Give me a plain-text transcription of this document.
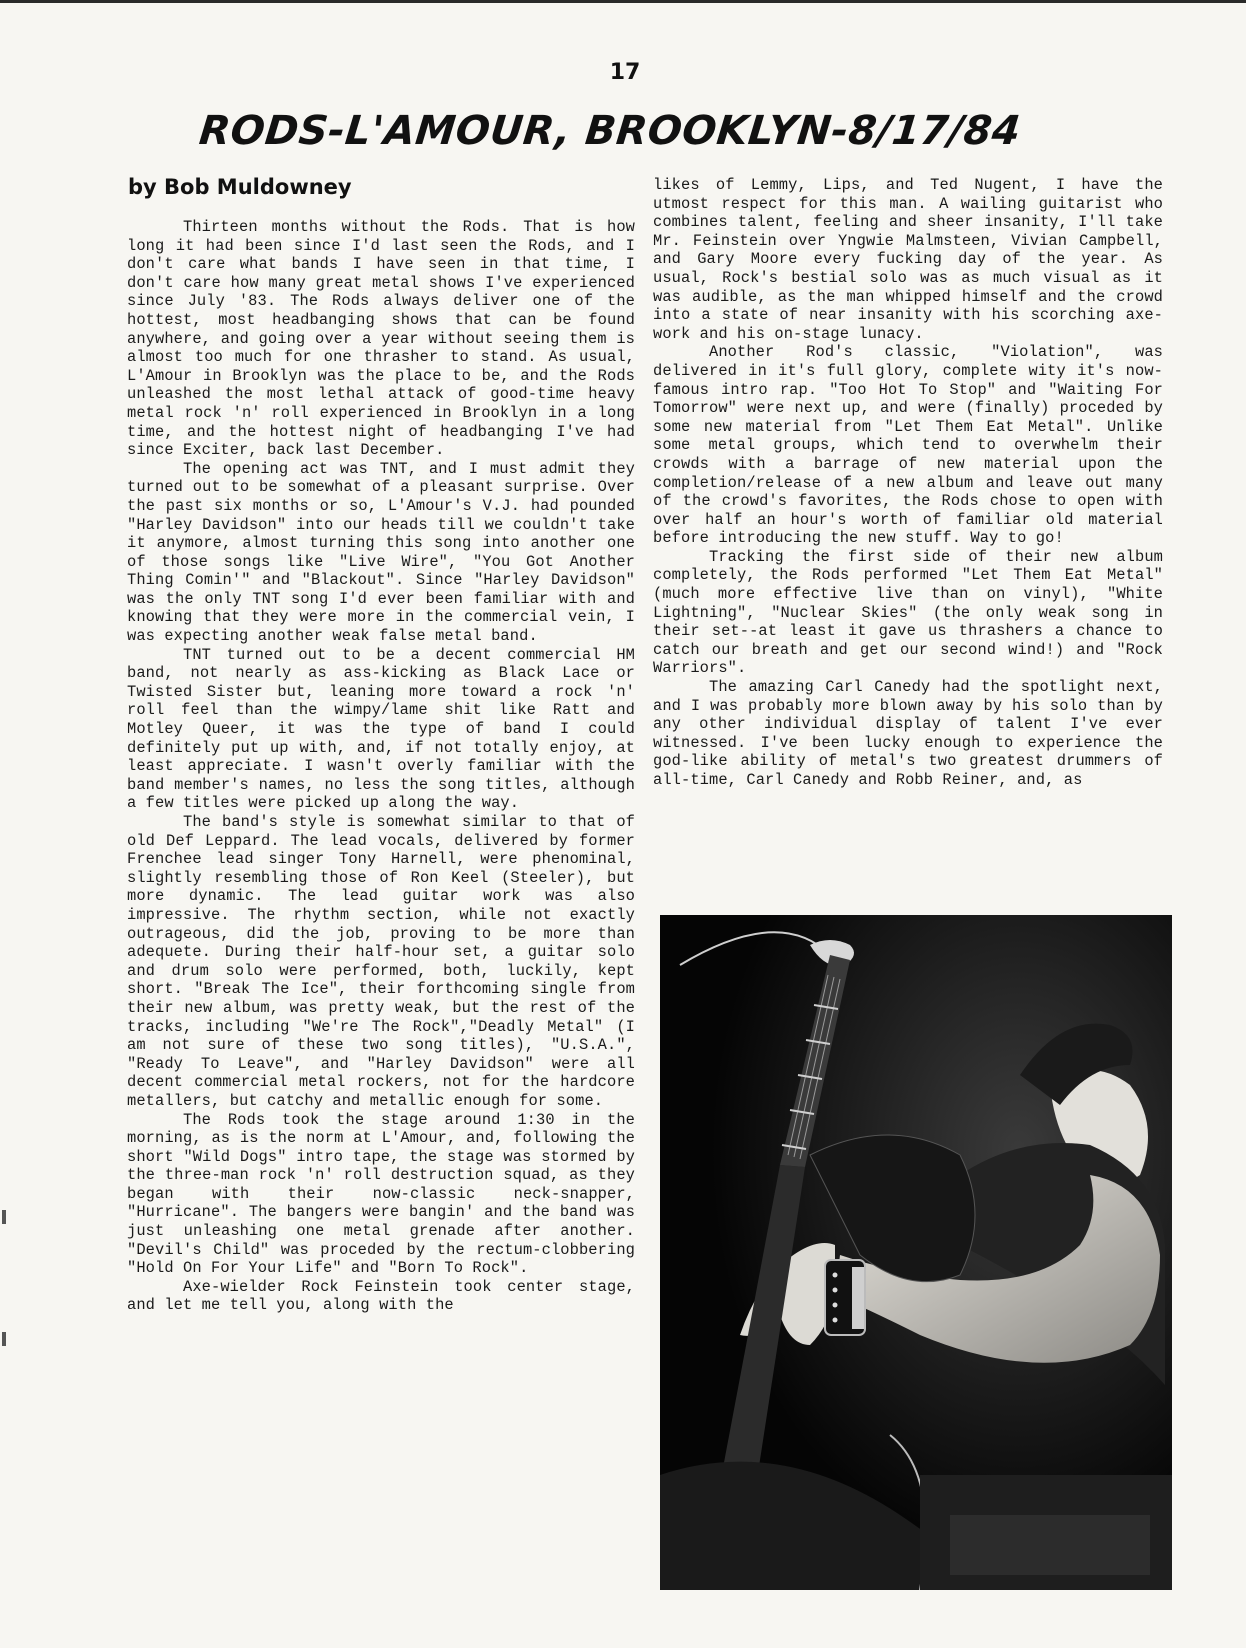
17
RODS-L'AMOUR, BROOKLYN-8/17/84
by Bob Muldowney

Thirteen months without the Rods. That is how long it had been since I'd last seen the Rods, and I don't care what bands I have seen in that time, I don't care how many great metal shows I've experienced since July '83. The Rods always deliver one of the hottest, most headbanging shows that can be found anywhere, and going over a year without seeing them is almost too much for one thrasher to stand. As usual, L'Amour in Brooklyn was the place to be, and the Rods unleashed the most lethal attack of good-time heavy metal rock 'n' roll experienced in Brooklyn in a long time, and the hottest night of headbanging I've had since Exciter, back last December.

The opening act was TNT, and I must admit they turned out to be somewhat of a pleasant surprise. Over the past six months or so, L'Amour's V.J. had pounded "Harley Davidson" into our heads till we couldn't take it anymore, almost turning this song into another one of those songs like "Live Wire", "You Got Another Thing Comin'" and "Blackout". Since "Harley Davidson" was the only TNT song I'd ever been familiar with and knowing that they were more in the commercial vein, I was expecting another weak false metal band.

TNT turned out to be a decent commercial HM band, not nearly as ass-kicking as Black Lace or Twisted Sister but, leaning more toward a rock 'n' roll feel than the wimpy/lame shit like Ratt and Motley Queer, it was the type of band I could definitely put up with, and, if not totally enjoy, at least appreciate. I wasn't overly familiar with the band member's names, no less the song titles, although a few titles were picked up along the way.

The band's style is somewhat similar to that of old Def Leppard. The lead vocals, delivered by former Frenchee lead singer Tony Harnell, were phenominal, slightly resembling those of Ron Keel (Steeler), but more dynamic. The lead guitar work was also impressive. The rhythm section, while not exactly outrageous, did the job, proving to be more than adequete. During their half-hour set, a guitar solo and drum solo were performed, both, luckily, kept short. "Break The Ice", their forthcoming single from their new album, was pretty weak, but the rest of the tracks, including "We're The Rock","Deadly Metal" (I am not sure of these two song titles), "U.S.A.", "Ready To Leave", and "Harley Davidson" were all decent commercial metal rockers, not for the hardcore metallers, but catchy and metallic enough for some.

The Rods took the stage around 1:30 in the morning, as is the norm at L'Amour, and, following the short "Wild Dogs" intro tape, the stage was stormed by the three-man rock 'n' roll destruction squad, as they began with their now-classic neck-snapper, "Hurricane". The bangers were bangin' and the band was just unleashing one metal grenade after another. "Devil's Child" was proceded by the rectum-clobbering "Hold On For Your Life" and "Born To Rock".

Axe-wielder Rock Feinstein took center stage, and let me tell you, along with the

likes of Lemmy, Lips, and Ted Nugent, I have the utmost respect for this man. A wailing guitarist who combines talent, feeling and sheer insanity, I'll take Mr. Feinstein over Yngwie Malmsteen, Vivian Campbell, and Gary Moore every fucking day of the year. As usual, Rock's bestial solo was as much visual as it was audible, as the man whipped himself and the crowd into a state of near insanity with his scorching axe-work and his on-stage lunacy.

Another Rod's classic, "Violation", was delivered in it's full glory, complete wity it's now-famous intro rap. "Too Hot To Stop" and "Waiting For Tomorrow" were next up, and were (finally) proceded by some new material from "Let Them Eat Metal". Unlike some metal groups, which tend to overwhelm their crowds with a barrage of new material upon the completion/release of a new album and leave out many of the crowd's favorites, the Rods chose to open with over half an hour's worth of familiar old material before introducing the new stuff. Way to go!

Tracking the first side of their new album completely, the Rods performed "Let Them Eat Metal" (much more effective live than on vinyl), "White Lightning", "Nuclear Skies" (the only weak song in their set--at least it gave us thrashers a chance to catch our breath and get our second wind!) and "Rock Warriors".

The amazing Carl Canedy had the spotlight next, and I was probably more blown away by his solo than by any other individual display of talent I've ever witnessed. I've been lucky enough to experience the god-like ability of metal's two greatest drummers of all-time, Carl Canedy and Robb Reiner, and, as
